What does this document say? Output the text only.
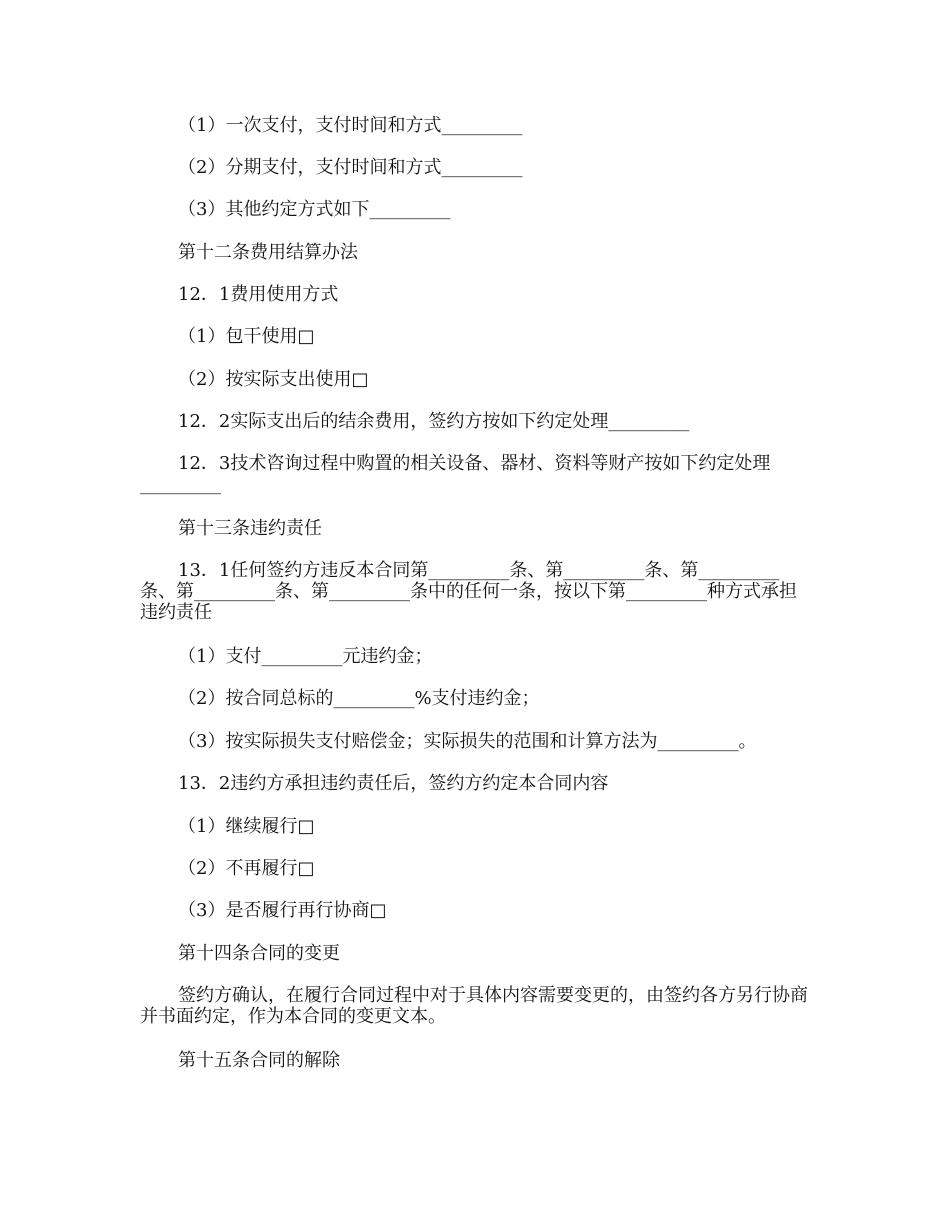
（1）一次支付，支付时间和方式_________
（2）分期支付，支付时间和方式_________
（3）其他约定方式如下_________
第十二条费用结算办法
12．1费用使用方式
（1）包干使用□
（2）按实际支出使用□
12．2实际支出后的结余费用，签约方按如下约定处理_________
12．3技术咨询过程中购置的相关设备、器材、资料等财产按如下约定处理_________
第十三条违约责任
13．1任何签约方违反本合同第_________条、第_________条、第_________条、第_________条、第_________条中的任何一条，按以下第_________种方式承担违约责任
（1）支付_________元违约金；
（2）按合同总标的_________%支付违约金；
（3）按实际损失支付赔偿金；实际损失的范围和计算方法为_________。
13．2违约方承担违约责任后，签约方约定本合同内容
（1）继续履行□
（2）不再履行□
（3）是否履行再行协商□
第十四条合同的变更
签约方确认，在履行合同过程中对于具体内容需要变更的，由签约各方另行协商并书面约定，作为本合同的变更文本。
第十五条合同的解除
